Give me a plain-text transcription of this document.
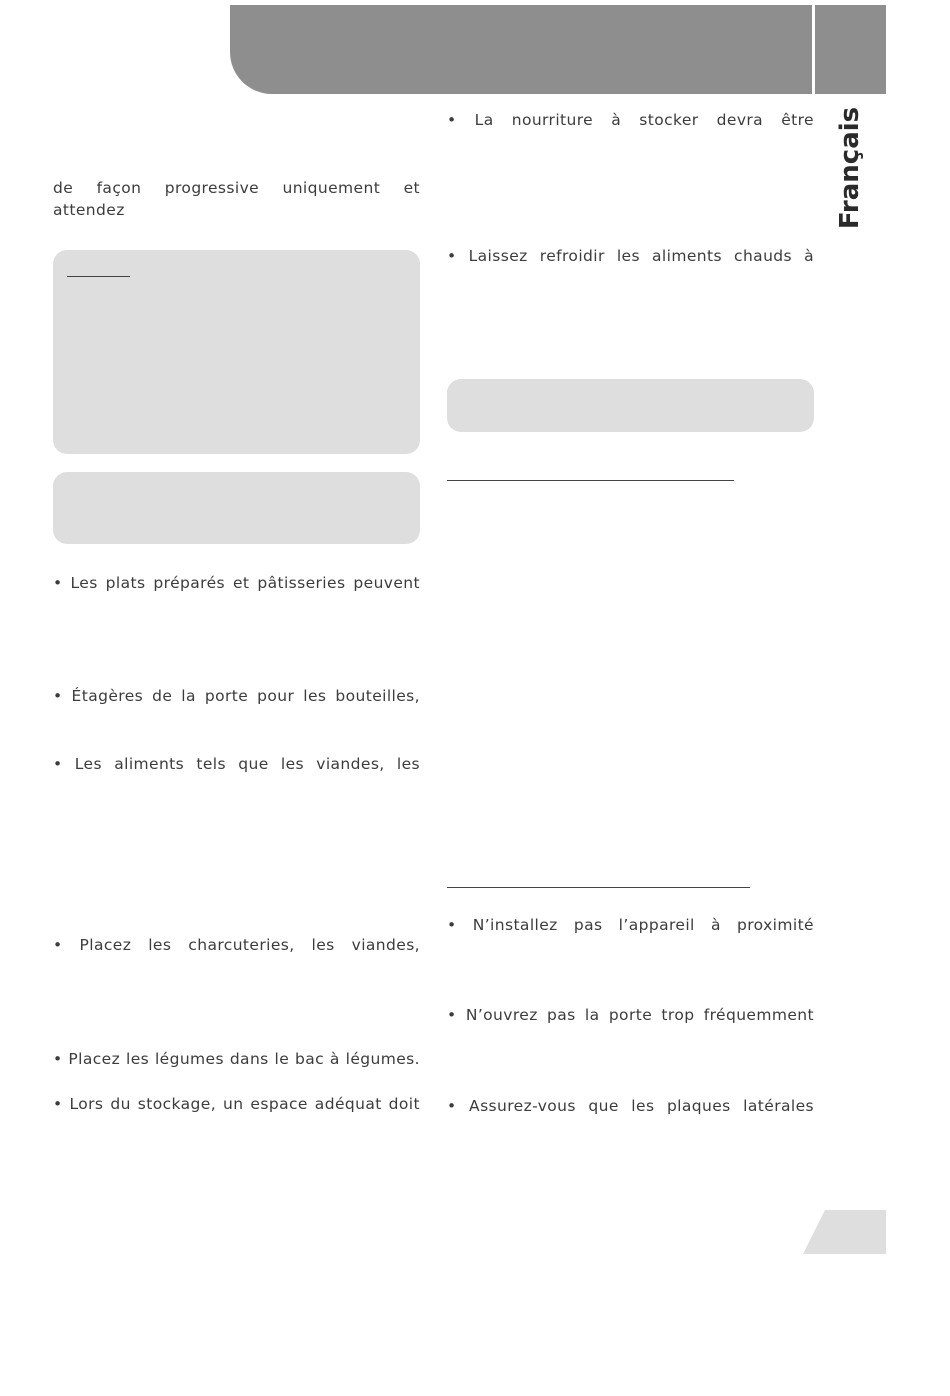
Français
de façon progressive uniquement et attendez
• Les plats préparés et pâtisseries peuvent
• Étagères de la porte pour les bouteilles,
• Les aliments tels que les viandes, les
• Placez les charcuteries, les viandes,
• Placez les légumes dans le bac à légumes.
• Lors du stockage, un espace adéquat doit
• La nourriture à stocker devra être
• Laissez refroidir les aliments chauds à
• N’installez pas l’appareil à proximité
• N’ouvrez pas la porte trop fréquemment
• Assurez-vous que les plaques latérales
